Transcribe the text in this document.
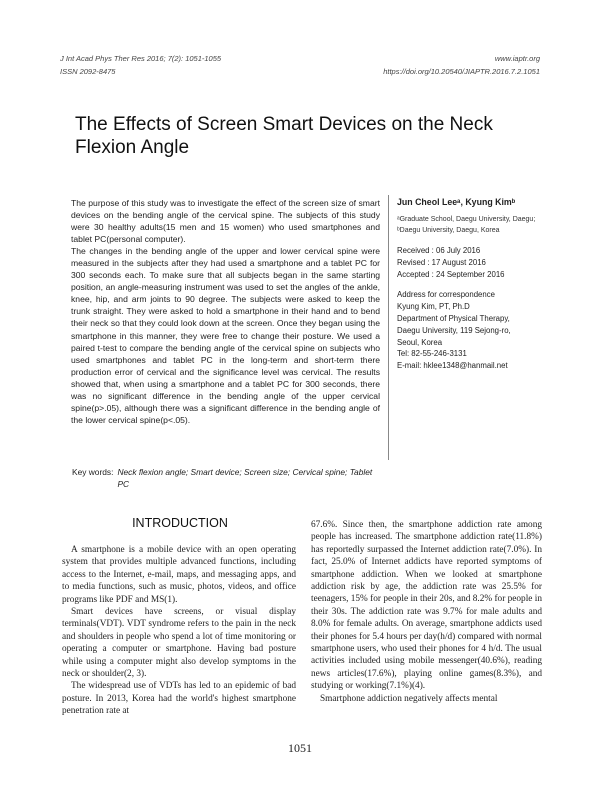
J Int Acad Phys Ther Res 2016; 7(2): 1051-1055
ISSN 2092-8475
www.iaptr.org
https://doi.org/10.20540/JIAPTR.2016.7.2.1051
The Effects of Screen Smart Devices on the Neck Flexion Angle

The purpose of this study was to investigate the effect of the screen size of smart devices on the bending angle of the cervical spine. The subjects of this study were 30 healthy adults(15 men and 15 women) who used smartphones and tablet PC(personal computer).

The changes in the bending angle of the upper and lower cervical spine were measured in the subjects after they had used a smartphone and a tablet PC for 300 seconds each. To make sure that all subjects began in the same starting position, an angle-measuring instrument was used to set the angles of the ankle, knee, hip, and arm joints to 90 degree. The subjects were asked to keep the trunk straight. They were asked to hold a smartphone in their hand and to bend their neck so that they could look down at the screen. Once they began using the smartphone in this manner, they were free to change their posture. We used a paired t-test to compare the bending angle of the cervical spine on subjects who used smartphones and tablet PC in the long-term and short-term there production error of cervical and the significance level was cervical. The results showed that, when using a smartphone and a tablet PC for 300 seconds, there was no significant difference in the bending angle of the upper cervical spine(p>.05), although there was a significant difference in the bending angle of the lower cervical spine(p<.05).

Jun Cheol Leeᵃ, Kyung Kimᵇ
ᵃGraduate School, Daegu University, Daegu;
ᵇDaegu University, Daegu, Korea
Received : 06 July 2016
Revised : 17 August 2016
Accepted : 24 September 2016
Address for correspondence
Kyung Kim, PT, Ph.D
Department of Physical Therapy,
Daegu University, 119 Sejong-ro,
Seoul, Korea
Tel: 82-55-246-3131
E-mail: hklee1348@hanmail.net
Key words: Neck flexion angle; Smart device; Screen size; Cervical spine; Tablet PC
INTRODUCTION

A smartphone is a mobile device with an open operating system that provides multiple advanced functions, including access to the Internet, e-mail, maps, and messaging apps, and to media functions, such as music, photos, videos, and office programs like PDF and MS(1).

Smart devices have screens, or visual display terminals(VDT). VDT syndrome refers to the pain in the neck and shoulders in people who spend a lot of time monitoring or operating a computer or smartphone. Having bad posture while using a computer might also develop symptoms in the neck or shoulder(2, 3).

The widespread use of VDTs has led to an epidemic of bad posture. In 2013, Korea had the world's highest smartphone penetration rate at

67.6%. Since then, the smartphone addiction rate among people has increased. The smartphone addiction rate(11.8%) has reportedly surpassed the Internet addiction rate(7.0%). In fact, 25.0% of Internet addicts have reported symptoms of smartphone addiction. When we looked at smartphone addiction risk by age, the addiction rate was 25.5% for teenagers, 15% for people in their 20s, and 8.2% for people in their 30s. The addiction rate was 9.7% for male adults and 8.0% for female adults. On average, smartphone addicts used their phones for 5.4 hours per day(h/d) compared with normal smartphone users, who used their phones for 4 h/d. The usual activities included using mobile messenger(40.6%), reading news articles(17.6%), playing online games(8.3%), and studying or working(7.1%)(4).

Smartphone addiction negatively affects mental

1051
